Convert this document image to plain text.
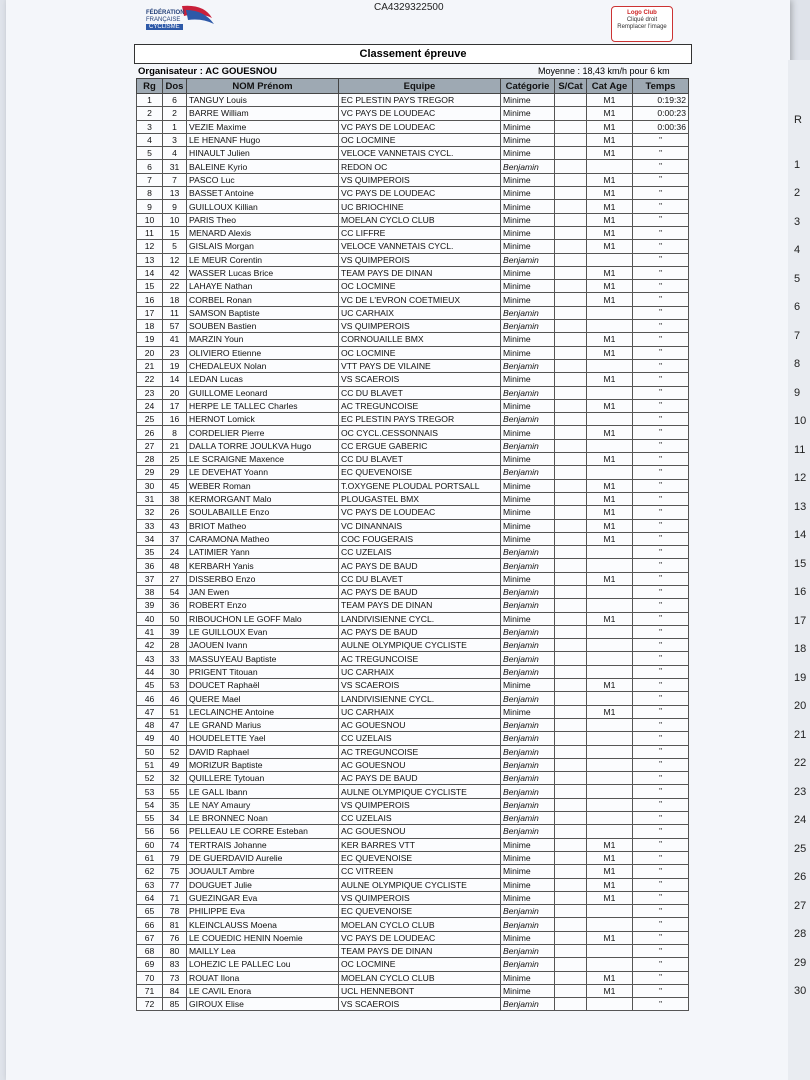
FÉDÉRATION
FRANÇAISE
CYCLISME
CA4329322500	Logo Club
Cliqué droit
Remplacer l'image
Classement épreuve
Organisateur : AC GOUESNOU	Moyenne : 18,43 km/h pour 6 km
Rg	Dos	NOM Prénom	Equipe	Catégorie	S/Cat	Cat Age	Temps
1	6	TANGUY Louis	EC PLESTIN PAYS TREGOR	Minime		M1	0:19:32
2	2	BARRE William	VC PAYS DE LOUDEAC	Minime		M1	0:00:23
3	1	VEZIE Maxime	VC PAYS DE LOUDEAC	Minime		M1	0:00:36
4	3	LE HENANF Hugo	OC LOCMINE	Minime		M1	"
5	4	HINAULT Julien	VELOCE VANNETAIS CYCL.	Minime		M1	"
6	31	BALEINE Kyrio	REDON OC	Benjamin			"
7	7	PASCO Luc	VS QUIMPEROIS	Minime		M1	"
8	13	BASSET Antoine	VC PAYS DE LOUDEAC	Minime		M1	"
9	9	GUILLOUX Killian	UC BRIOCHINE	Minime		M1	"
10	10	PARIS Theo	MOELAN CYCLO CLUB	Minime		M1	"
11	15	MENARD Alexis	CC LIFFRE	Minime		M1	"
12	5	GISLAIS Morgan	VELOCE VANNETAIS CYCL.	Minime		M1	"
13	12	LE MEUR Corentin	VS QUIMPEROIS	Benjamin			"
14	42	WASSER Lucas Brice	TEAM PAYS DE DINAN	Minime		M1	"
15	22	LAHAYE Nathan	OC LOCMINE	Minime		M1	"
16	18	CORBEL Ronan	VC DE L'EVRON COETMIEUX	Minime		M1	"
17	11	SAMSON Baptiste	UC CARHAIX	Benjamin			"
18	57	SOUBEN Bastien	VS QUIMPEROIS	Benjamin			"
19	41	MARZIN Youn	CORNOUAILLE BMX	Minime		M1	"
20	23	OLIVIERO Etienne	OC LOCMINE	Minime		M1	"
21	19	CHEDALEUX Nolan	VTT PAYS DE VILAINE	Benjamin			"
22	14	LEDAN Lucas	VS SCAEROIS	Minime		M1	"
23	20	GUILLOME Leonard	CC DU BLAVET	Benjamin			"
24	17	HERPE LE TALLEC Charles	AC TREGUNCOISE	Minime		M1	"
25	16	HERNOT Lomick	EC PLESTIN PAYS TREGOR	Benjamin			"
26	8	CORDELIER Pierre	OC CYCL.CESSONNAIS	Minime		M1	"
27	21	DALLA TORRE JOULKVA Hugo	CC ERGUE GABERIC	Benjamin			"
28	25	LE SCRAIGNE Maxence	CC DU BLAVET	Minime		M1	"
29	29	LE DEVEHAT Yoann	EC QUEVENOISE	Benjamin			"
30	45	WEBER Roman	T.OXYGENE PLOUDAL PORTSALL	Minime		M1	"
31	38	KERMORGANT Malo	PLOUGASTEL BMX	Minime		M1	"
32	26	SOULABAILLE Enzo	VC PAYS DE LOUDEAC	Minime		M1	"
33	43	BRIOT Matheo	VC DINANNAIS	Minime		M1	"
34	37	CARAMONA Matheo	COC FOUGERAIS	Minime		M1	"
35	24	LATIMIER Yann	CC UZELAIS	Benjamin			"
36	48	KERBARH Yanis	AC PAYS DE BAUD	Benjamin			"
37	27	DISSERBO Enzo	CC DU BLAVET	Minime		M1	"
38	54	JAN Ewen	AC PAYS DE BAUD	Benjamin			"
39	36	ROBERT Enzo	TEAM PAYS DE DINAN	Benjamin			"
40	50	RIBOUCHON LE GOFF Malo	LANDIVISIENNE CYCL.	Minime		M1	"
41	39	LE GUILLOUX Evan	AC PAYS DE BAUD	Benjamin			"
42	28	JAOUEN Ivann	AULNE OLYMPIQUE CYCLISTE	Benjamin			"
43	33	MASSUYEAU Baptiste	AC TREGUNCOISE	Benjamin			"
44	30	PRIGENT Titouan	UC CARHAIX	Benjamin			"
45	53	DOUCET Raphaël	VS SCAEROIS	Minime		M1	"
46	46	QUERE Mael	LANDIVISIENNE CYCL.	Benjamin			"
47	51	LECLAINCHE Antoine	UC CARHAIX	Minime		M1	"
48	47	LE GRAND Marius	AC GOUESNOU	Benjamin			"
49	40	HOUDELETTE Yael	CC UZELAIS	Benjamin			"
50	52	DAVID Raphael	AC TREGUNCOISE	Benjamin			"
51	49	MORIZUR Baptiste	AC GOUESNOU	Benjamin			"
52	32	QUILLERE Tytouan	AC PAYS DE BAUD	Benjamin			"
53	55	LE GALL Ibann	AULNE OLYMPIQUE CYCLISTE	Benjamin			"
54	35	LE NAY Amaury	VS QUIMPEROIS	Benjamin			"
55	34	LE BRONNEC Noan	CC UZELAIS	Benjamin			"
56	56	PELLEAU LE CORRE Esteban	AC GOUESNOU	Benjamin			"
60	74	TERTRAIS Johanne	KER BARRES VTT	Minime		M1	"
61	79	DE GUERDAVID Aurelie	EC QUEVENOISE	Minime		M1	"
62	75	JOUAULT Ambre	CC VITREEN	Minime		M1	"
63	77	DOUGUET Julie	AULNE OLYMPIQUE CYCLISTE	Minime		M1	"
64	71	GUEZINGAR Eva	VS QUIMPEROIS	Minime		M1	"
65	78	PHILIPPE Eva	EC QUEVENOISE	Benjamin			"
66	81	KLEINCLAUSS Moena	MOELAN CYCLO CLUB	Benjamin			"
67	76	LE COUEDIC HENIN Noemie	VC PAYS DE LOUDEAC	Minime		M1	"
68	80	MAILLY Lea	TEAM PAYS DE DINAN	Benjamin			"
69	83	LOHEZIC LE PALLEC Lou	OC LOCMINE	Benjamin			"
70	73	ROUAT Ilona	MOELAN CYCLO CLUB	Minime		M1	"
71	84	LE CAVIL Enora	UCL HENNEBONT	Minime		M1	"
72	85	GIROUX Elise	VS SCAEROIS	Benjamin			"
R
1
2
3
4
5
6
7
8
9
10
11
12
13
14
15
16
17
18
19
20
21
22
23
24
25
26
27
28
29
30
